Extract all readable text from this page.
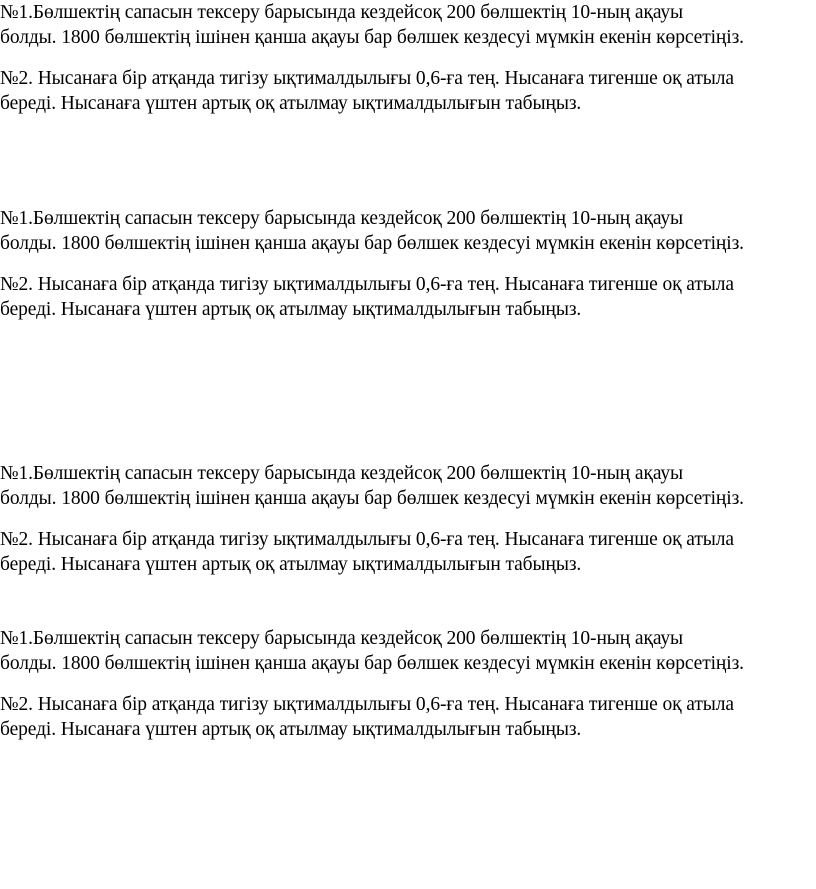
№1.Бөлшектің сапасын тексеру барысында кездейсоқ 200 бөлшектің 10-ның ақауы

болды. 1800 бөлшектің ішінен қанша ақауы бар бөлшек кездесуі мүмкін екенін көрсетіңіз.

№2. Нысанаға бір атқанда тигізу ықтималдылығы 0,6-ға тең. Нысанаға тигенше оқ атыла

береді. Нысанаға үштен артық оқ атылмау ықтималдылығын табыңыз.

№1.Бөлшектің сапасын тексеру барысында кездейсоқ 200 бөлшектің 10-ның ақауы

болды. 1800 бөлшектің ішінен қанша ақауы бар бөлшек кездесуі мүмкін екенін көрсетіңіз.

№2. Нысанаға бір атқанда тигізу ықтималдылығы 0,6-ға тең. Нысанаға тигенше оқ атыла

береді. Нысанаға үштен артық оқ атылмау ықтималдылығын табыңыз.

№1.Бөлшектің сапасын тексеру барысында кездейсоқ 200 бөлшектің 10-ның ақауы

болды. 1800 бөлшектің ішінен қанша ақауы бар бөлшек кездесуі мүмкін екенін көрсетіңіз.

№2. Нысанаға бір атқанда тигізу ықтималдылығы 0,6-ға тең. Нысанаға тигенше оқ атыла

береді. Нысанаға үштен артық оқ атылмау ықтималдылығын табыңыз.

№1.Бөлшектің сапасын тексеру барысында кездейсоқ 200 бөлшектің 10-ның ақауы

болды. 1800 бөлшектің ішінен қанша ақауы бар бөлшек кездесуі мүмкін екенін көрсетіңіз.

№2. Нысанаға бір атқанда тигізу ықтималдылығы 0,6-ға тең. Нысанаға тигенше оқ атыла

береді. Нысанаға үштен артық оқ атылмау ықтималдылығын табыңыз.
